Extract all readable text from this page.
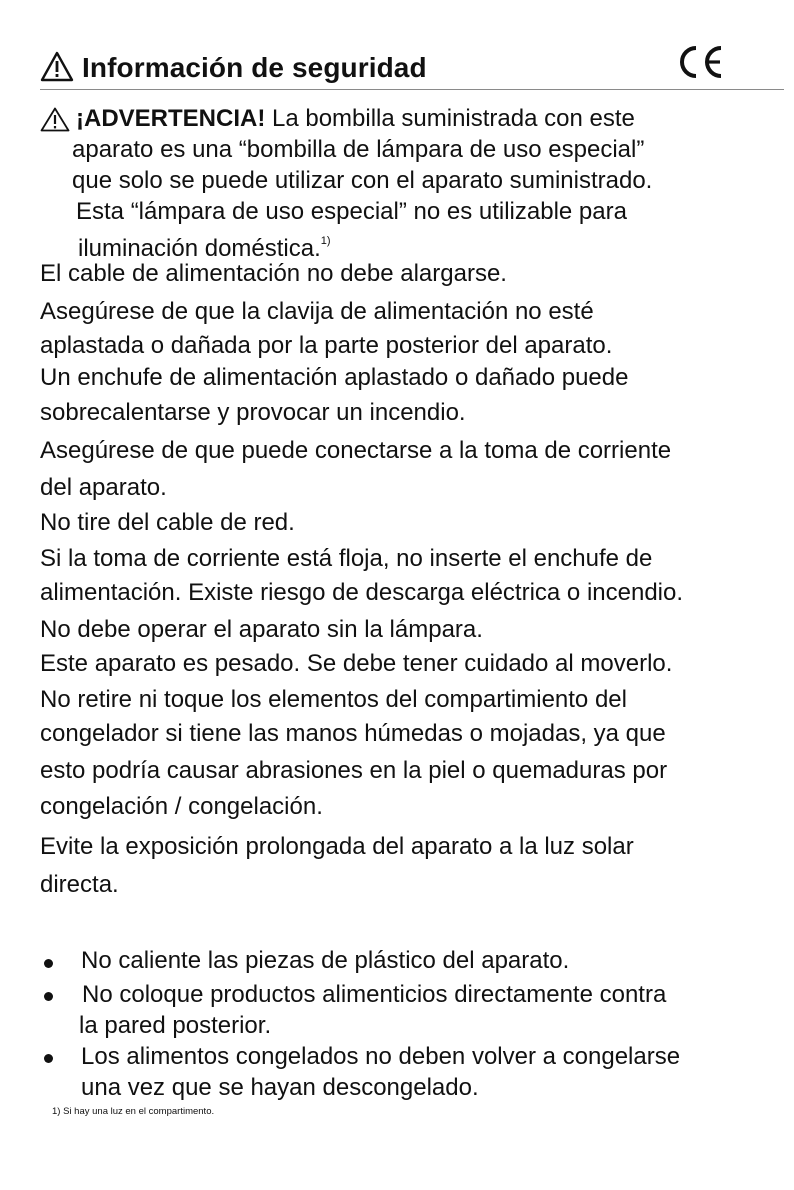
Información de seguridad
¡ADVERTENCIA! La bombilla suministrada con este
aparato es una “bombilla de lámpara de uso especial”
que solo se puede utilizar con el aparato suministrado.
Esta “lámpara de uso especial” no es utilizable para
iluminación doméstica.$^{1)}$
El cable de alimentación no debe alargarse.
Asegúrese de que la clavija de alimentación no esté
aplastada o dañada por la parte posterior del aparato.
Un enchufe de alimentación aplastado o dañado puede
sobrecalentarse y provocar un incendio.
Asegúrese de que puede conectarse a la toma de corriente
del aparato.
No tire del cable de red.
Si la toma de corriente está floja, no inserte el enchufe de
alimentación. Existe riesgo de descarga eléctrica o incendio.
No debe operar el aparato sin la lámpara.
Este aparato es pesado. Se debe tener cuidado al moverlo.
No retire ni toque los elementos del compartimiento del
congelador si tiene las manos húmedas o mojadas, ya que
esto podría causar abrasiones en la piel o quemaduras por
congelación / congelación.
Evite la exposición prolongada del aparato a la luz solar
directa.
No caliente las piezas de plástico del aparato.
No coloque productos alimenticios directamente contra
la pared posterior.
Los alimentos congelados no deben volver a congelarse
una vez que se hayan descongelado.
1) Si hay una luz en el compartimento.
